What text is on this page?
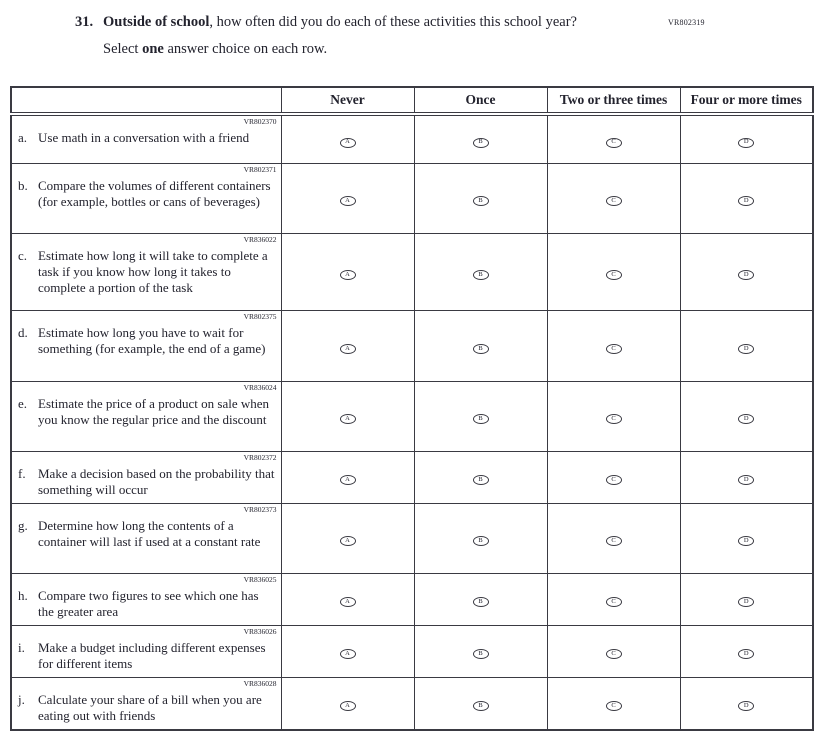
VR802319
31. Outside of school, how often did you do each of these activities this school year?
Select one answer choice on each row.
	Never	Once	Two or three times	Four or more times

VR802370
a. Use math in a conversation with a friend	A	B	C	D

VR802371
b. Compare the volumes of different containers (for example, bottles or cans of beverages)	A	B	C	D

VR836022
c. Estimate how long it will take to complete a task if you know how long it takes to complete a portion of the task	A	B	C	D

VR802375
d. Estimate how long you have to wait for something (for example, the end of a game)	A	B	C	D

VR836024
e. Estimate the price of a product on sale when you know the regular price and the discount	A	B	C	D

VR802372
f. Make a decision based on the probability that something will occur	A	B	C	D

VR802373
g. Determine how long the contents of a container will last if used at a constant rate	A	B	C	D

VR836025
h. Compare two figures to see which one has the greater area	A	B	C	D

VR836026
i. Make a budget including different expenses for different items	A	B	C	D

VR836028
j. Calculate your share of a bill when you are eating out with friends	A	B	C	D
